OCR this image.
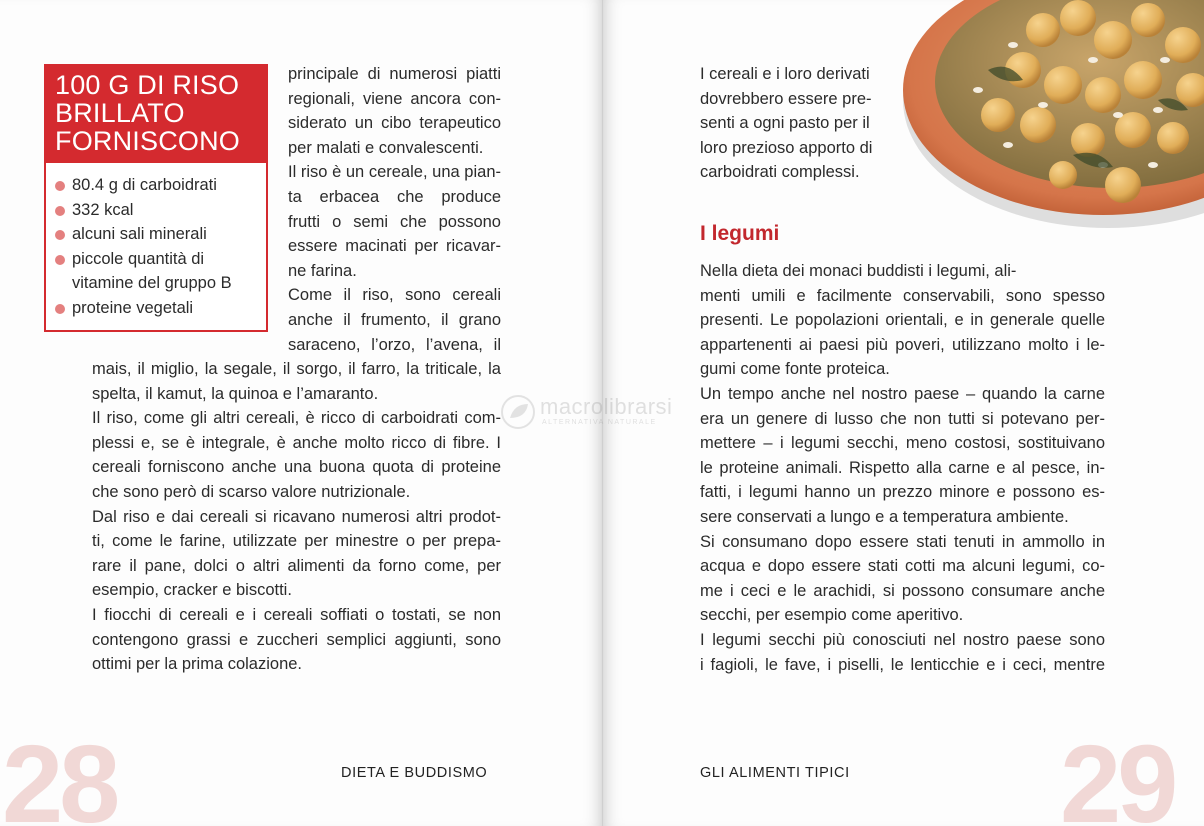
100 G DI RISO
BRILLATO
FORNISCONO
80.4 g di carboidrati
332 kcal
alcuni sali minerali
piccole quantità di
vitamine del gruppo B
proteine vegetali

principale di numerosi piatti
regionali, viene ancora con-
siderato un cibo terapeutico
per malati e convalescenti.
Il riso è un cereale, una pian-
ta erbacea che produce
frutti o semi che possono
essere macinati per ricavar-
ne farina.
Come il riso, sono cereali
anche il frumento, il grano
saraceno, l’orzo, l’avena, il

mais, il miglio, la segale, il sorgo, il farro, la triticale, la
spelta, il kamut, la quinoa e l’amaranto.
Il riso, come gli altri cereali, è ricco di carboidrati com-
plessi e, se è integrale, è anche molto ricco di fibre. I
cereali forniscono anche una buona quota di proteine
che sono però di scarso valore nutrizionale.
Dal riso e dai cereali si ricavano numerosi altri prodot-
ti, come le farine, utilizzate per minestre o per prepa-
rare il pane, dolci o altri alimenti da forno come, per
esempio, cracker e biscotti.
I fiocchi di cereali e i cereali soffiati o tostati, se non
contengono grassi e zuccheri semplici aggiunti, sono
ottimi per la prima colazione.

28	DIETA E BUDDISMO

I cereali e i loro derivati
dovrebbero essere pre-
senti a ogni pasto per il
loro prezioso apporto di
carboidrati complessi.

I legumi

Nella dieta dei monaci buddisti i legumi, ali-
menti umili e facilmente conservabili, sono spesso
presenti. Le popolazioni orientali, e in generale quelle
appartenenti ai paesi più poveri, utilizzano molto i le-
gumi come fonte proteica.
Un tempo anche nel nostro paese – quando la carne
era un genere di lusso che non tutti si potevano per-
mettere – i legumi secchi, meno costosi, sostituivano
le proteine animali. Rispetto alla carne e al pesce, in-
fatti, i legumi hanno un prezzo minore e possono es-
sere conservati a lungo e a temperatura ambiente.
Si consumano dopo essere stati tenuti in ammollo in
acqua e dopo essere stati cotti ma alcuni legumi, co-
me i ceci e le arachidi, si possono consumare anche
secchi, per esempio come aperitivo.
I legumi secchi più conosciuti nel nostro paese sono
i fagioli, le fave, i piselli, le lenticchie e i ceci, mentre

29
GLI ALIMENTI TIPICI
macrolibrarsi
ALTERNATIVA NATURALE
